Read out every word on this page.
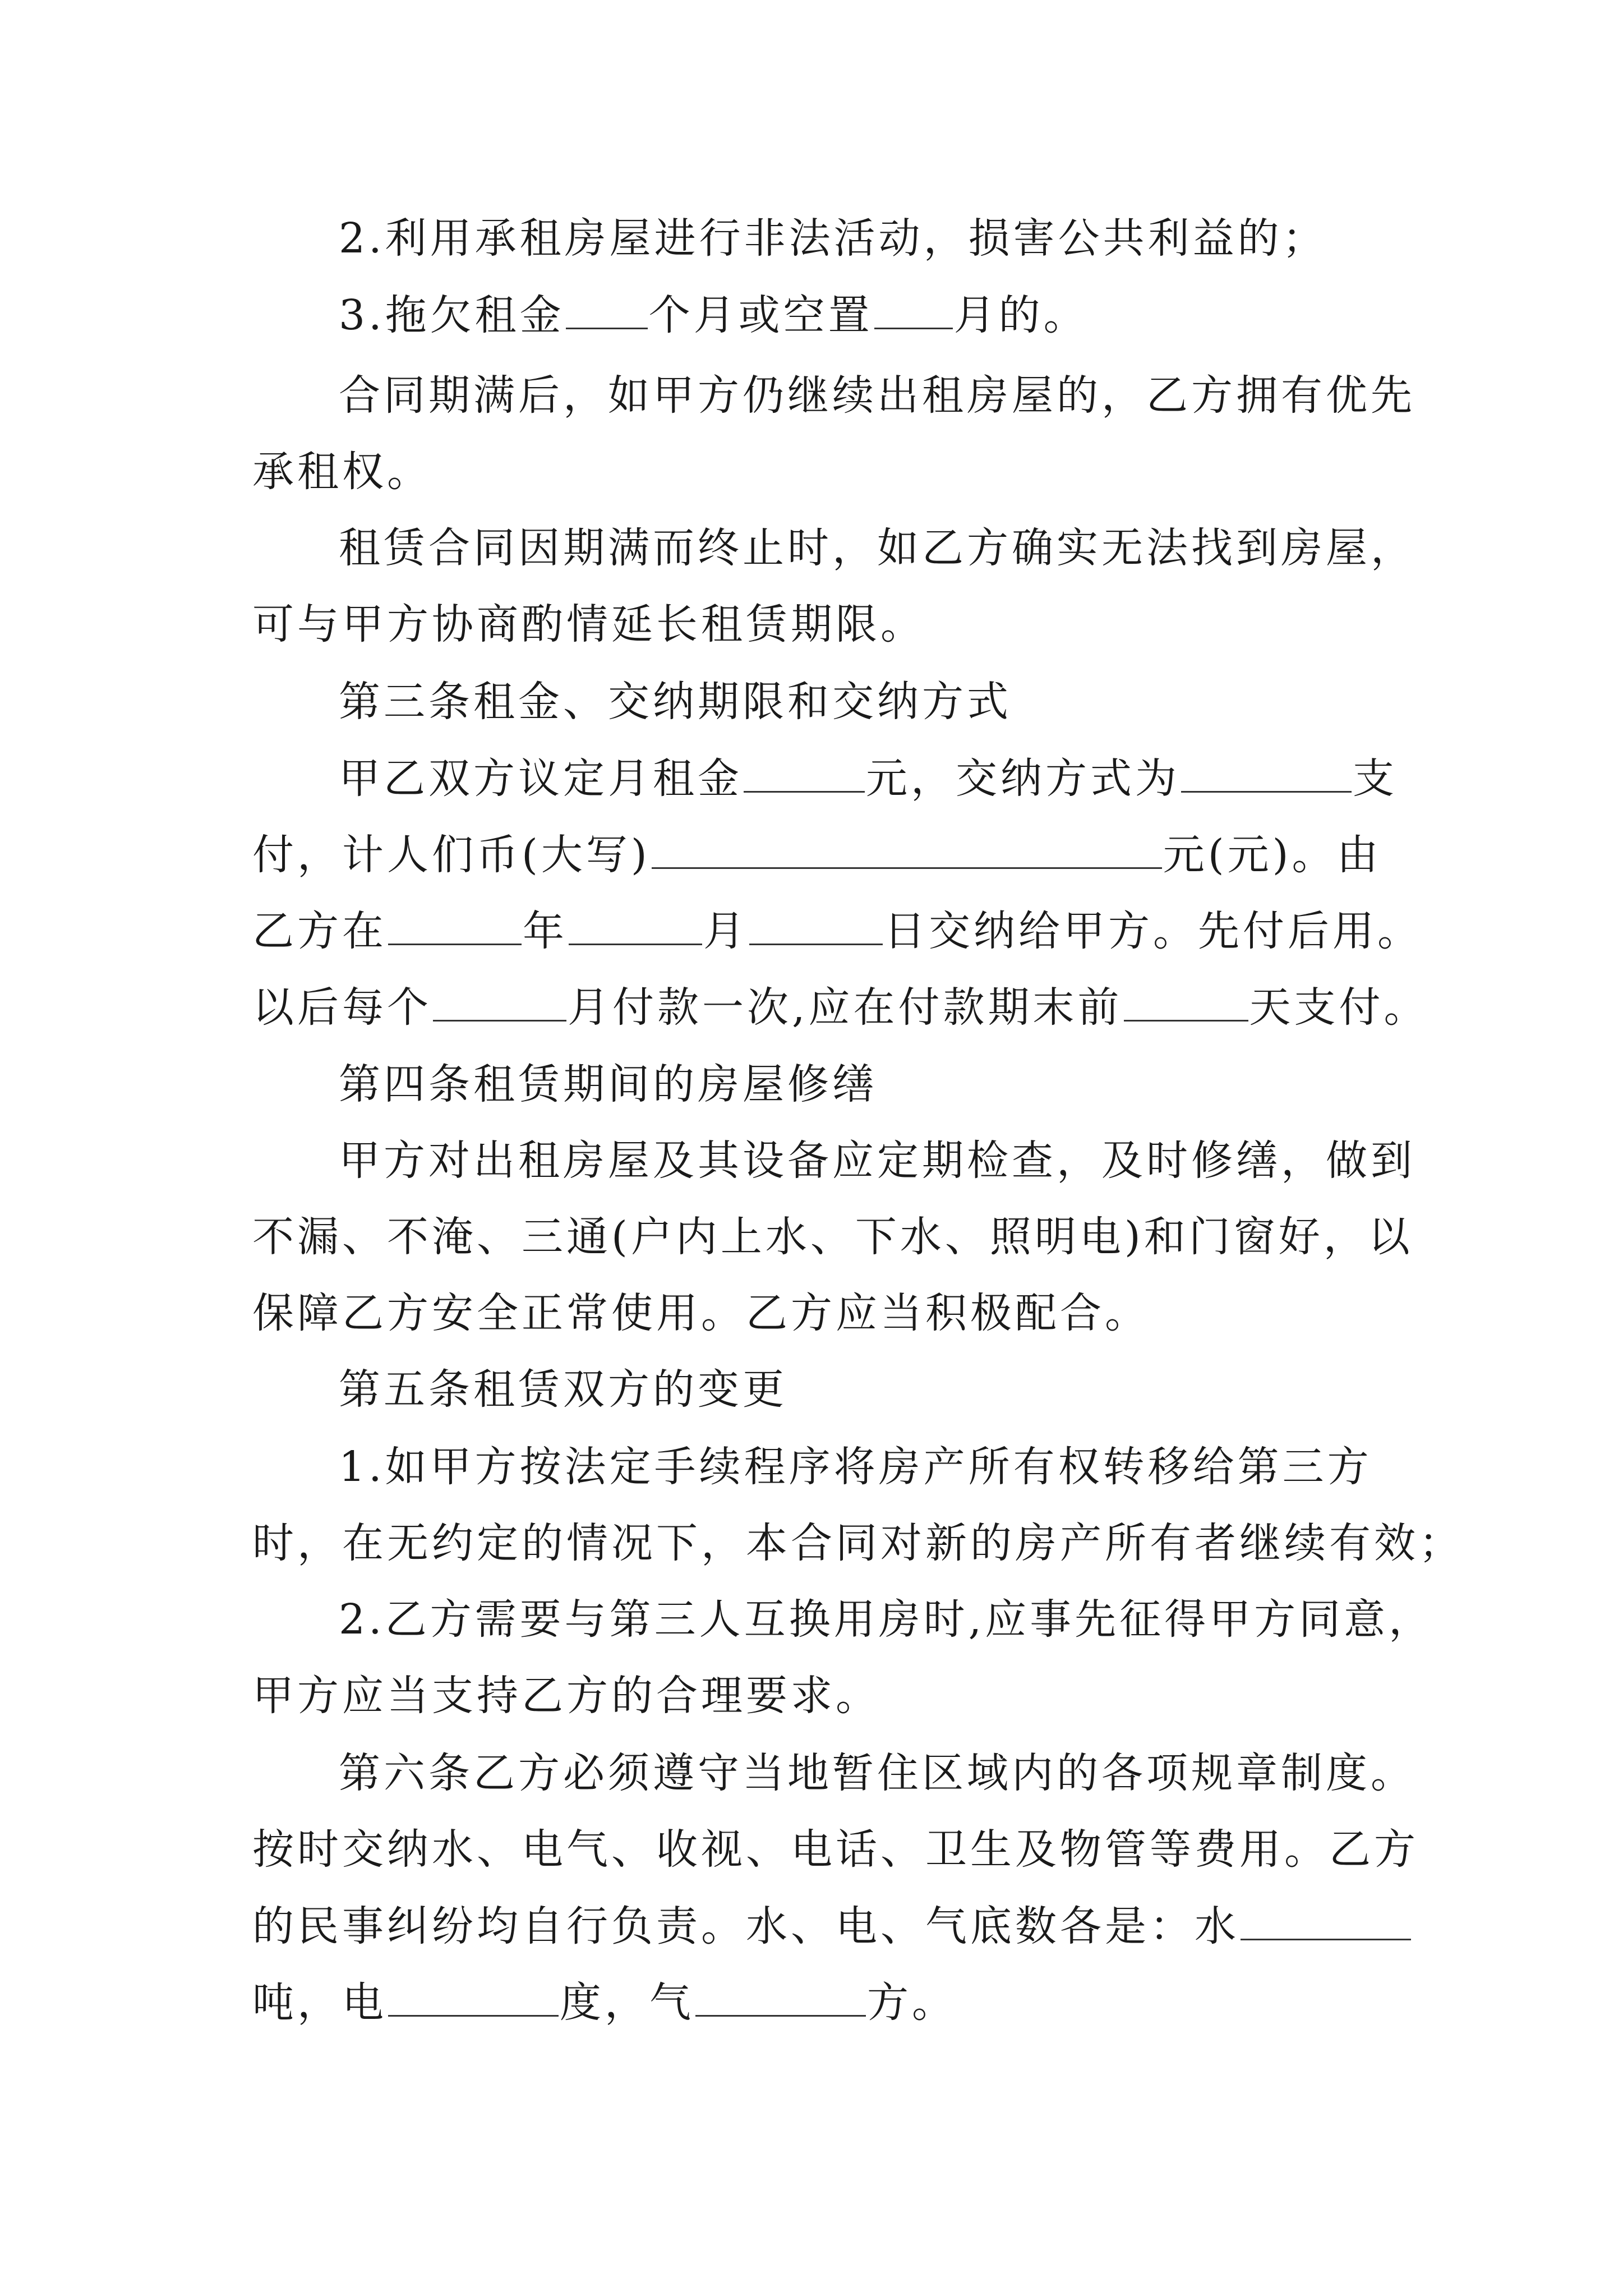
2.利用承租房屋进行非法活动，损害公共利益的；
3.拖欠租金 个月或空置 月的。
合同期满后，如甲方仍继续出租房屋的，乙方拥有优先
承租权。
租赁合同因期满而终止时，如乙方确实无法找到房屋，
可与甲方协商酌情延长租赁期限。
第三条租金、交纳期限和交纳方式
甲乙双方议定月租金	元，交纳方式为	支
付，计人们币(大写)	元(元)。由
乙方在	年	月	日交纳给甲方。先付后用。
以后每个	月付款一次,应在付款期末前	天支付。
第四条租赁期间的房屋修缮
甲方对出租房屋及其设备应定期检查，及时修缮，做到
不漏、不淹、三通(户内上水、下水、照明电)和门窗好，以
保障乙方安全正常使用。乙方应当积极配合。
第五条租赁双方的变更
1.如甲方按法定手续程序将房产所有权转移给第三方
时，在无约定的情况下，本合同对新的房产所有者继续有效；
2.乙方需要与第三人互换用房时,应事先征得甲方同意，
甲方应当支持乙方的合理要求。
第六条乙方必须遵守当地暂住区域内的各项规章制度。
按时交纳水、电气、收视、电话、卫生及物管等费用。乙方
的民事纠纷均自行负责。水、电、气底数各是：水
吨，电	度，气	方。
